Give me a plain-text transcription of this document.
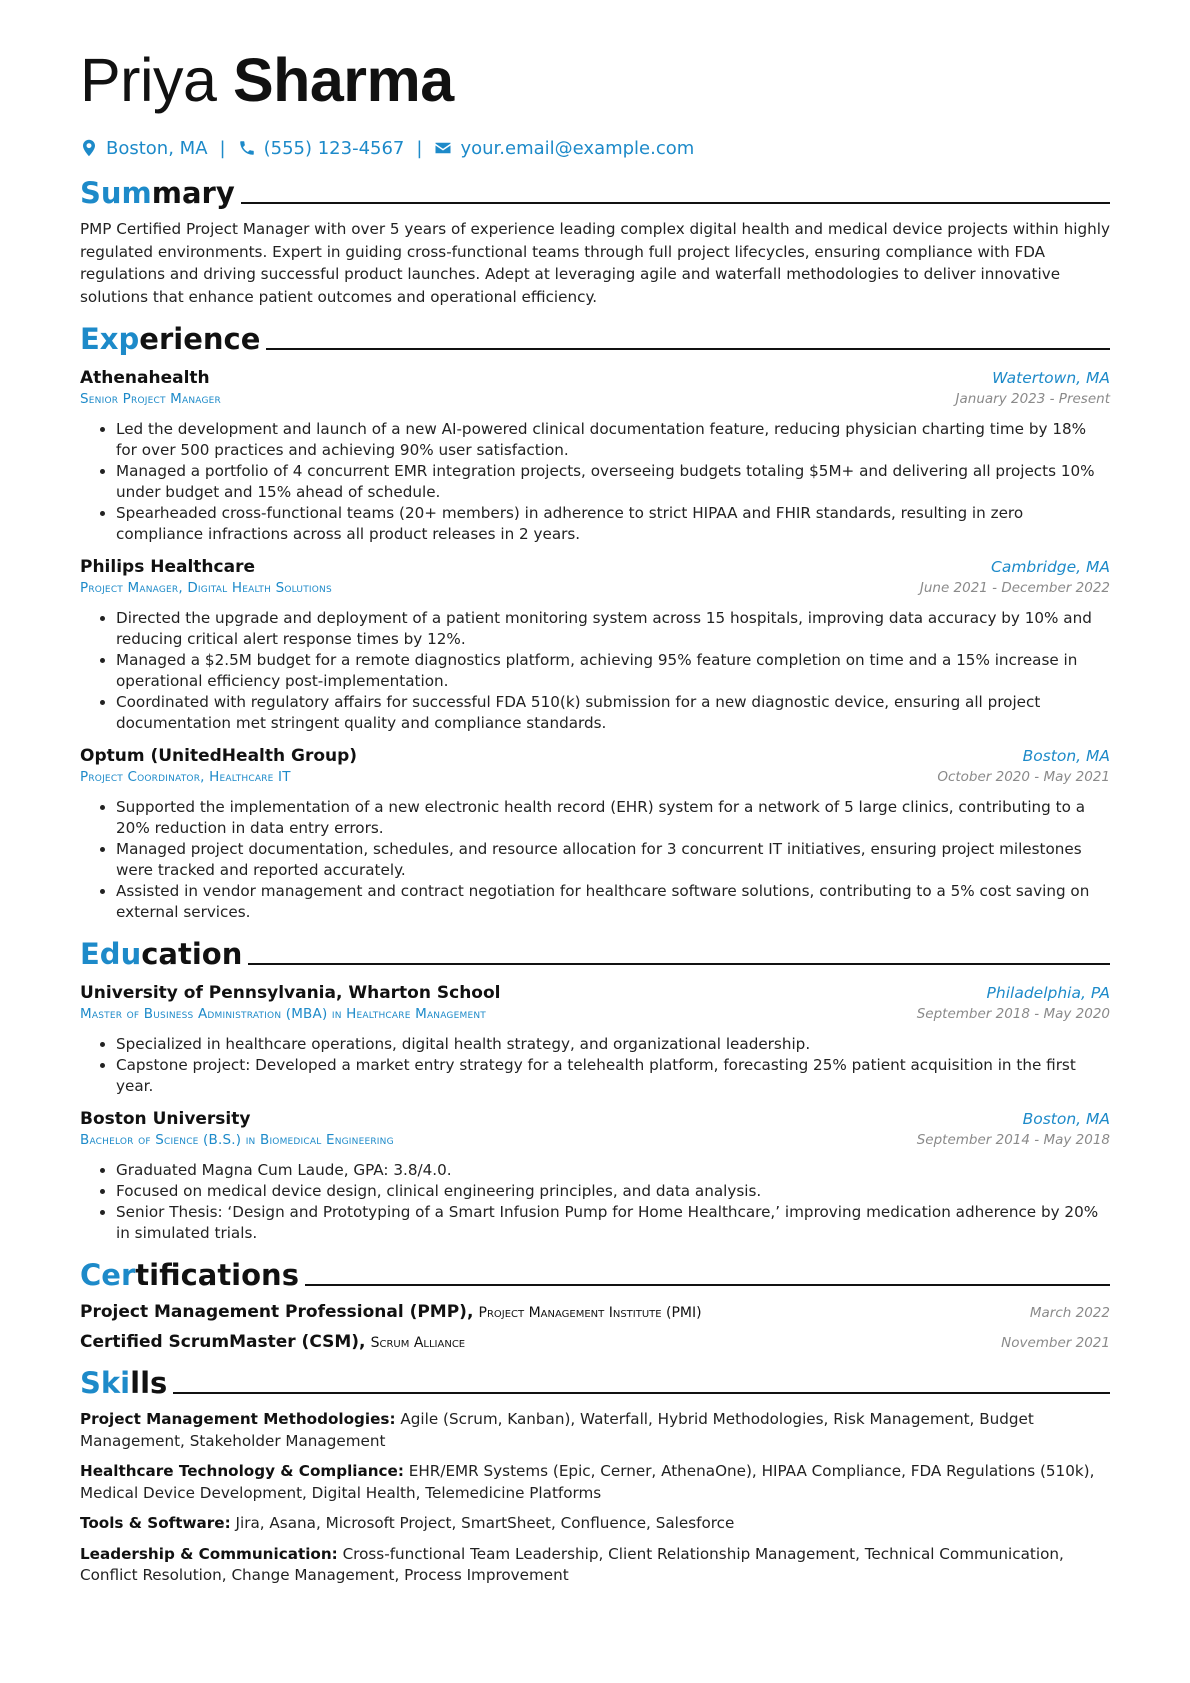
Priya Sharma
Boston, MA | (555) 123-4567 | your.email@example.com
Summary

PMP Certified Project Manager with over 5 years of experience leading complex digital health and medical device projects within highly regulated environments. Expert in guiding cross-functional teams through full project lifecycles, ensuring compliance with FDA regulations and driving successful product launches. Adept at leveraging agile and waterfall methodologies to deliver innovative solutions that enhance patient outcomes and operational efficiency.

Experience
Athenahealth	Watertown, MA
Senior Project Manager	January 2023 - Present
• Led the development and launch of a new AI-powered clinical documentation feature, reducing physician charting time by 18% for over 500 practices and achieving 90% user satisfaction.
• Managed a portfolio of 4 concurrent EMR integration projects, overseeing budgets totaling $5M+ and delivering all projects 10% under budget and 15% ahead of schedule.
• Spearheaded cross-functional teams (20+ members) in adherence to strict HIPAA and FHIR standards, resulting in zero compliance infractions across all product releases in 2 years.
Philips Healthcare	Cambridge, MA
Project Manager, Digital Health Solutions	June 2021 - December 2022
• Directed the upgrade and deployment of a patient monitoring system across 15 hospitals, improving data accuracy by 10% and reducing critical alert response times by 12%.
• Managed a $2.5M budget for a remote diagnostics platform, achieving 95% feature completion on time and a 15% increase in operational efficiency post-implementation.
• Coordinated with regulatory affairs for successful FDA 510(k) submission for a new diagnostic device, ensuring all project documentation met stringent quality and compliance standards.
Optum (UnitedHealth Group)	Boston, MA
Project Coordinator, Healthcare IT	October 2020 - May 2021
• Supported the implementation of a new electronic health record (EHR) system for a network of 5 large clinics, contributing to a 20% reduction in data entry errors.
• Managed project documentation, schedules, and resource allocation for 3 concurrent IT initiatives, ensuring project milestones were tracked and reported accurately.
• Assisted in vendor management and contract negotiation for healthcare software solutions, contributing to a 5% cost saving on external services.
Education
University of Pennsylvania, Wharton School	Philadelphia, PA
Master of Business Administration (MBA) in Healthcare Management	September 2018 - May 2020
• Specialized in healthcare operations, digital health strategy, and organizational leadership.
• Capstone project: Developed a market entry strategy for a telehealth platform, forecasting 25% patient acquisition in the first year.
Boston University	Boston, MA
Bachelor of Science (B.S.) in Biomedical Engineering	September 2014 - May 2018
• Graduated Magna Cum Laude, GPA: 3.8/4.0.
• Focused on medical device design, clinical engineering principles, and data analysis.
• Senior Thesis: ‘Design and Prototyping of a Smart Infusion Pump for Home Healthcare,’ improving medication adherence by 20% in simulated trials.
Certifications
Project Management Professional (PMP), Project Management Institute (PMI)	March 2022
Certified ScrumMaster (CSM), Scrum Alliance	November 2021
Skills
Project Management Methodologies: Agile (Scrum, Kanban), Waterfall, Hybrid Methodologies, Risk Management, Budget Management, Stakeholder Management
Healthcare Technology & Compliance: EHR/EMR Systems (Epic, Cerner, AthenaOne), HIPAA Compliance, FDA Regulations (510k), Medical Device Development, Digital Health, Telemedicine Platforms
Tools & Software: Jira, Asana, Microsoft Project, SmartSheet, Confluence, Salesforce
Leadership & Communication: Cross-functional Team Leadership, Client Relationship Management, Technical Communication, Conflict Resolution, Change Management, Process Improvement
